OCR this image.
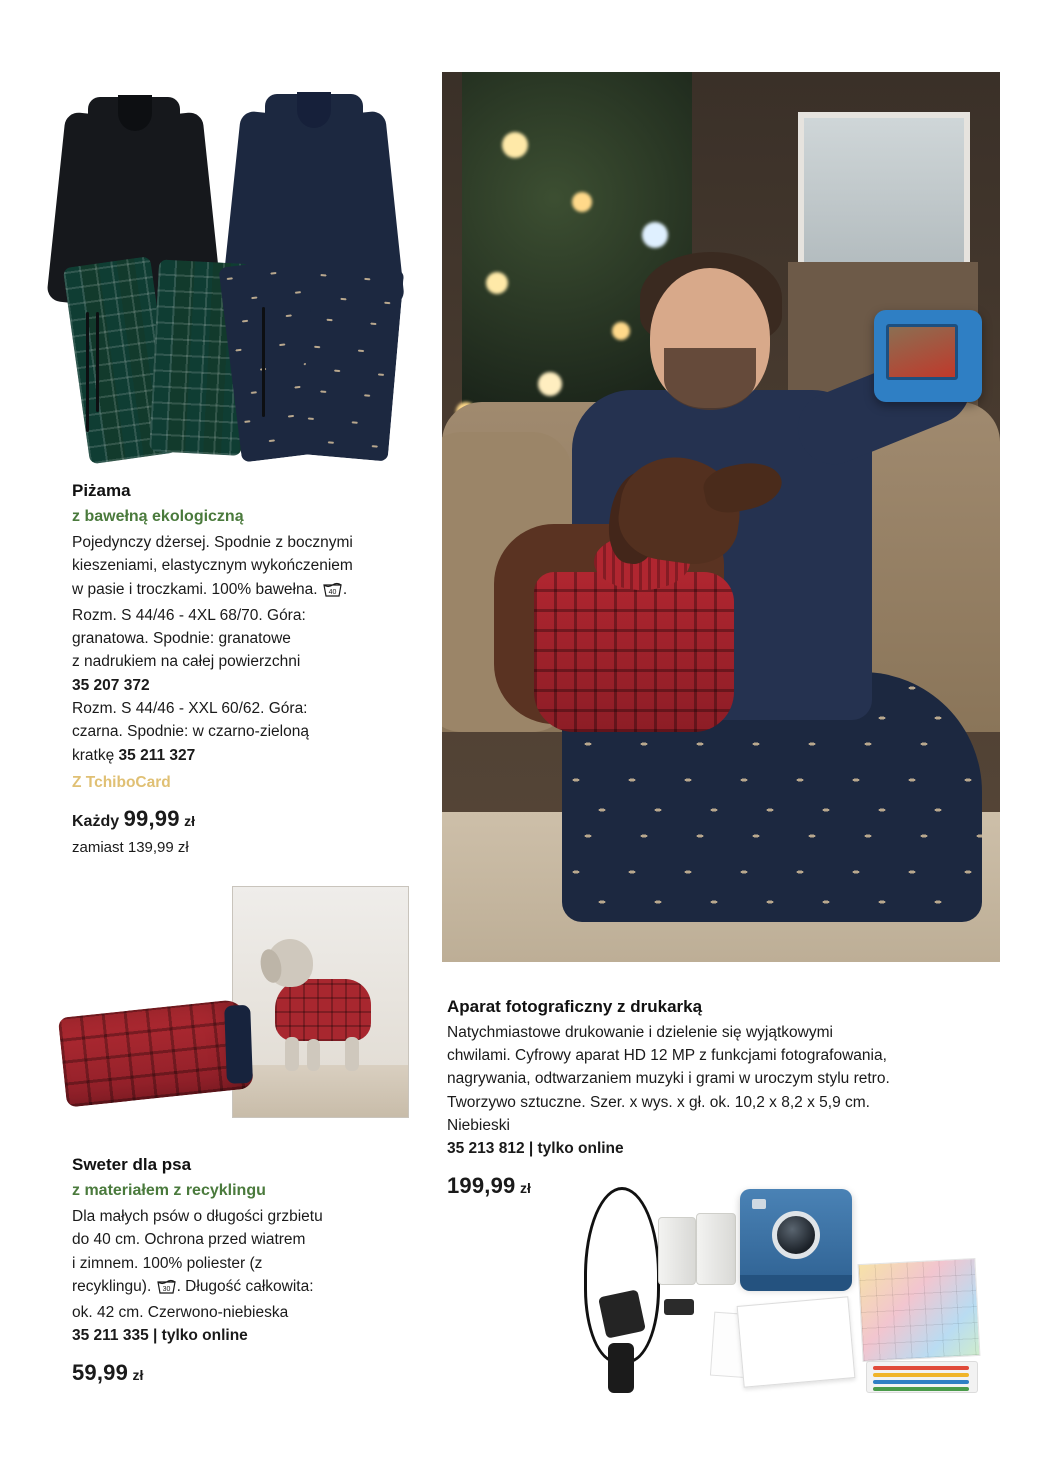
Piżama
z bawełną ekologiczną
Pojedynczy dżersej. Spodnie z bocznymi
kieszeniami, elastycznym wykończeniem
w pasie i troczkami. 100% bawełna. 40 .
Rozm. S 44/46 - 4XL 68/70. Góra:
granatowa. Spodnie: granatowe
z nadrukiem na całej powierzchni
35 207 372
Rozm. S 44/46 - XXL 60/62. Góra:
czarna. Spodnie: w czarno-zieloną
kratkę 35 211 327
Z TchiboCard
Każdy 99,99 zł
zamiast 139,99 zł
Sweter dla psa
z materiałem z recyklingu
Dla małych psów o długości grzbietu
do 40 cm. Ochrona przed wiatrem
i zimnem. 100% poliester (z
recyklingu). 30 . Długość całkowita:
ok. 42 cm. Czerwono-niebieska
35 211 335 | tylko online
59,99 zł
Aparat fotograficzny z drukarką
Natychmiastowe drukowanie i dzielenie się wyjątkowymi
chwilami. Cyfrowy aparat HD 12 MP z funkcjami fotografowania,
nagrywania, odtwarzaniem muzyki i grami w uroczym stylu retro.
Tworzywo sztuczne. Szer. x wys. x gł. ok. 10,2 x 8,2 x 5,9 cm.
Niebieski
35 213 812 | tylko online
199,99 zł
